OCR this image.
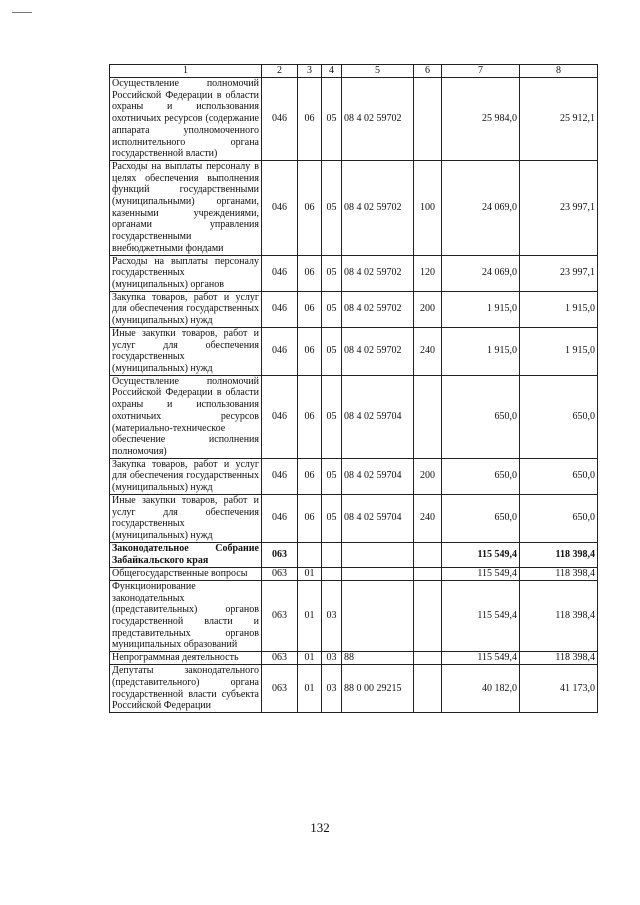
1	2	3	4	5	6	7	8
Осуществление полномочий Российской Федерации в области охраны и использования охотничьих ресурсов (содержание аппарата уполномоченного исполнительного органа государственной власти)	046	06	05	08 4 02 59702		25 984,0	25 912,1
Расходы на выплаты персоналу в целях обеспечения выполнения функций государственными (муниципальными) органами, казенными учреждениями, органами управления государственными внебюджетными фондами	046	06	05	08 4 02 59702	100	24 069,0	23 997,1
Расходы на выплаты персоналу государственных (муниципальных) органов	046	06	05	08 4 02 59702	120	24 069,0	23 997,1
Закупка товаров, работ и услуг для обеспечения государственных (муниципальных) нужд	046	06	05	08 4 02 59702	200	1 915,0	1 915,0
Иные закупки товаров, работ и услуг для обеспечения государственных (муниципальных) нужд	046	06	05	08 4 02 59702	240	1 915,0	1 915,0
Осуществление полномочий Российской Федерации в области охраны и использования охотничьих ресурсов (материально-техническое обеспечение исполнения полномочия)	046	06	05	08 4 02 59704		650,0	650,0
Закупка товаров, работ и услуг для обеспечения государственных (муниципальных) нужд	046	06	05	08 4 02 59704	200	650,0	650,0
Иные закупки товаров, работ и услуг для обеспечения государственных (муниципальных) нужд	046	06	05	08 4 02 59704	240	650,0	650,0
Законодательное Собрание Забайкальского края	063					115 549,4	118 398,4
Общегосударственные вопросы	063	01				115 549,4	118 398,4
Функционирование законодательных (представительных) органов государственной власти и представительных органов муниципальных образований	063	01	03			115 549,4	118 398,4
Непрограммная деятельность	063	01	03	88		115 549,4	118 398,4
Депутаты законодательного (представительного) органа государственной власти субъекта Российской Федерации	063	01	03	88 0 00 29215		40 182,0	41 173,0
132
